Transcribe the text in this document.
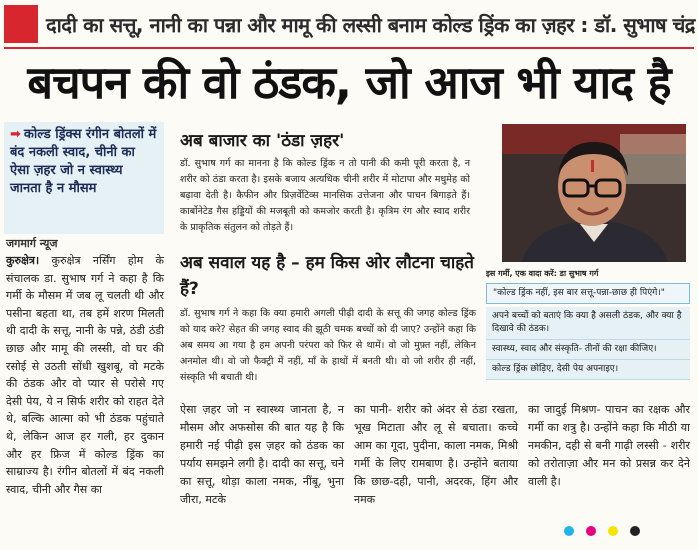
दादी का सत्तू, नानी का पन्ना और मामू की लस्सी बनाम कोल्ड ड्रिंक का ज़हर : डॉ. सुभाष चंद्र
बचपन की वो ठंडक, जो आज भी याद है
➡ कोल्ड ड्रिंक्स रंगीन बोतलों में बंद नकली स्वाद, चीनी का ऐसा ज़हर जो न स्वास्थ्य जानता है न मौसम
जगमार्ग न्यूज
कुरुक्षेत्र। कुरुक्षेत्र नर्सिंग होम के संचालक डा. सुभाष गर्ग ने कहा है कि गर्मी के मौसम में जब लू चलती थी और पसीना बहता था, तब हमें शरण मिलती थी दादी के सत्तू, नानी के पन्ने, ठंडी ठंडी छाछ और मामू की लस्सी, वो घर की रसोई से उठती सोंधी खुशबू, वो मटके की ठंडक और वो प्यार से परोसे गए देसी पेय, ये न सिर्फ शरीर को राहत देते थे, बल्कि आत्मा को भी ठंडक पहुंचाते थे, लेकिन आज हर गली, हर दुकान और हर फ्रिज में कोल्ड ड्रिंक का साम्राज्य है। रंगीन बोतलों में बंद नकली स्वाद, चीनी और गैस का
अब बाजार का 'ठंडा ज़हर'
डॉ. सुभाष गर्ग का मानना है कि कोल्ड ड्रिंक न तो पानी की कमी पूरी करता है, न शरीर को ठंडा करता है। इसके बजाय अत्यधिक चीनी शरीर में मोटापा और मधुमेह को बढ़ावा देती है। कैफीन और प्रिज़र्वेटिव्स मानसिक उत्तेजना और पाचन बिगाड़ते हैं। कार्बोनेटेड गैस हड्डियों की मजबूती को कमजोर करती है। कृत्रिम रंग और स्वाद शरीर के प्राकृतिक संतुलन को तोड़ते हैं।
अब सवाल यह है – हम किस ओर लौटना चाहते हैं?
डॉ. सुभाष गर्ग ने कहा कि क्या हमारी अगली पीढ़ी दादी के सत्तू की जगह कोल्ड ड्रिंक को याद करे? सेहत की जगह स्वाद की झूठी चमक बच्चों को दी जाए? उन्होंने कहा कि अब समय आ गया है हम अपनी परंपरा को फिर से थामें। वो जो मुफ़्त नहीं, लेकिन अनमोल थी। वो जो फैक्ट्री में नहीं, माँ के हाथों में बनती थी। वो जो शरीर ही नहीं, संस्कृति भी बचाती थी।
इस गर्मी, एक वादा करें: डा सुभाष गर्ग
"कोल्ड ड्रिंक नहीं, इस बार सत्तू-पन्ना-छाछ ही पिएंगे।"
अपने बच्चों को बताएं कि क्या है असली ठंडक, और क्या है दिखावे की ठंडक।
स्वास्थ्य, स्वाद और संस्कृति- तीनों की रक्षा कीजिए।
कोल्ड ड्रिंक छोड़िए, देसी पेय अपनाइए।
ऐसा ज़हर जो न स्वास्थ्य जानता है, न मौसम और अफसोस की बात यह है कि हमारी नई पीढ़ी इस ज़हर को ठंडक का पर्याय समझने लगी है। दादी का सत्तू, चने का सत्तू, थोड़ा काला नमक, नींबू, भुना जीरा, मटके
का पानी- शरीर को अंदर से ठंडा रखता, भूख मिटाता और लू से बचाता। कच्चे आम का गूदा, पुदीना, काला नमक, मिश्री गर्मी के लिए रामबाण है। उन्होंने बताया कि छाछ-दही, पानी, अदरक, हिंग और नमक
का जादुई मिश्रण- पाचन का रक्षक और गर्मी का शत्रु है। उन्होंने कहा कि मीठी या नमकीन, दही से बनी गाढ़ी लस्सी - शरीर को तरोताज़ा और मन को प्रसन्न कर देने वाली है।
